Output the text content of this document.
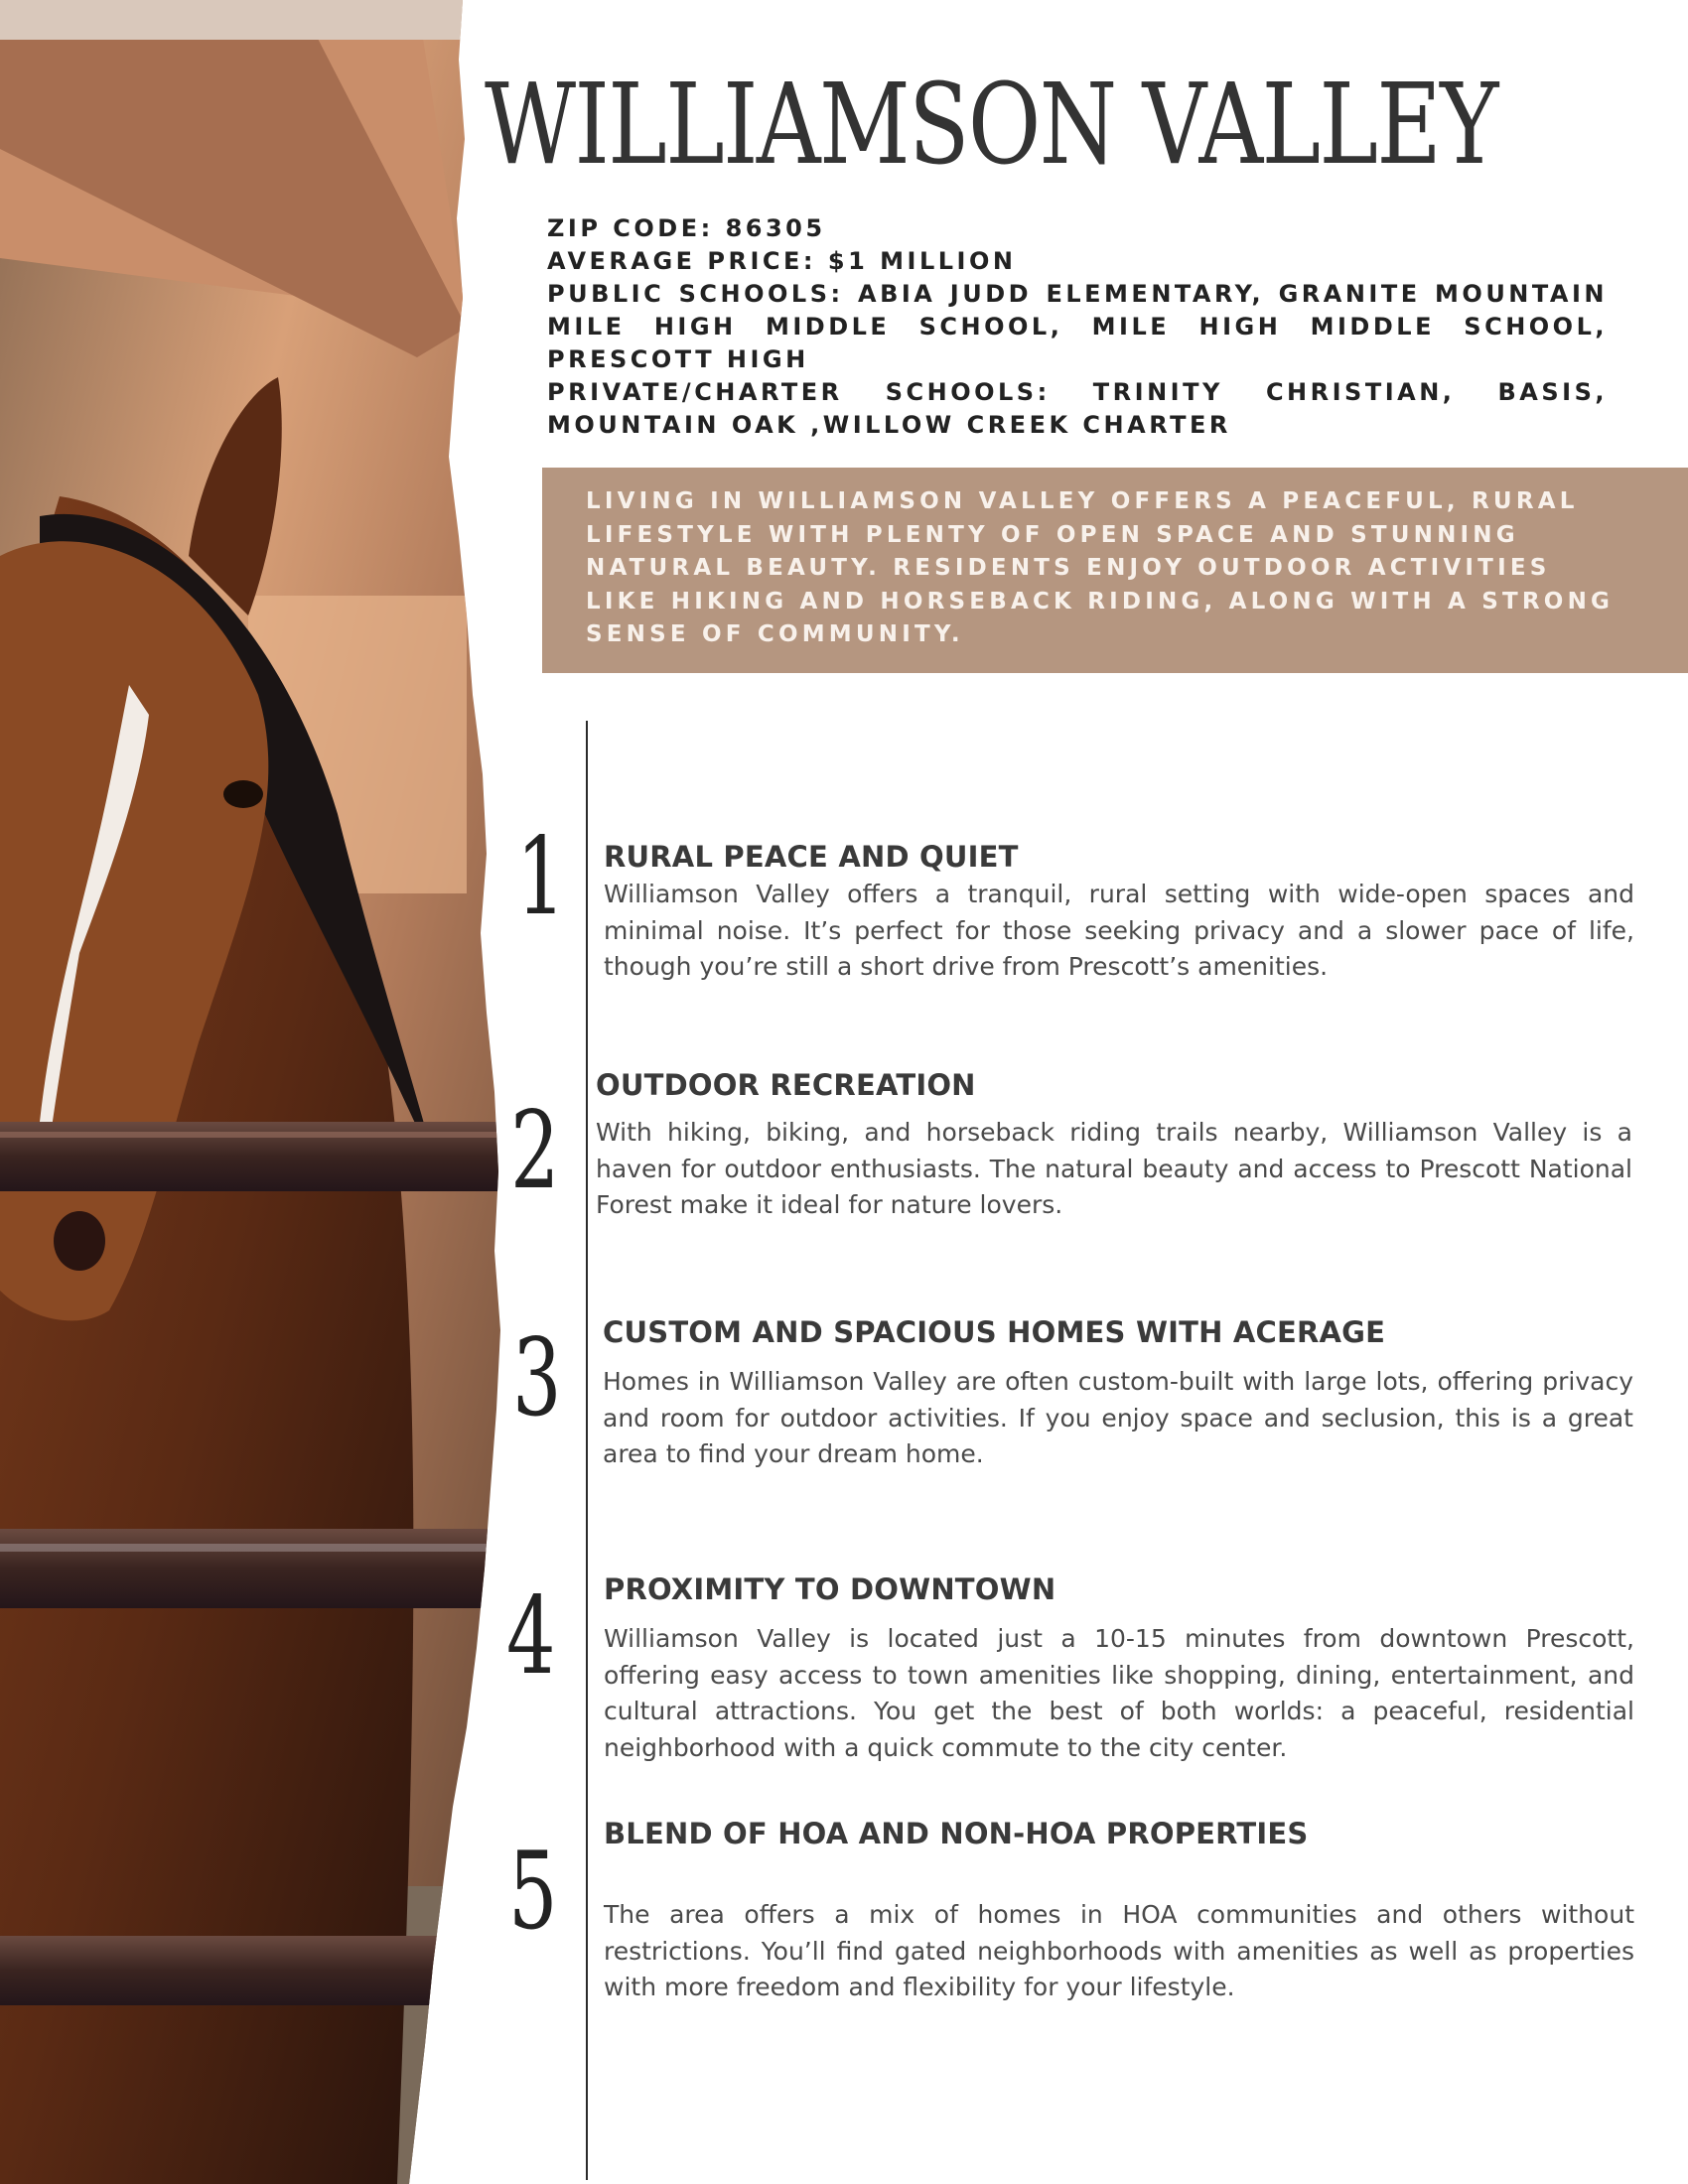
WILLIAMSON VALLEY
ZIP CODE: 86305
AVERAGE PRICE: $1 MILLION
PUBLIC SCHOOLS: ABIA JUDD ELEMENTARY, GRANITE MOUNTAIN
MILE HIGH MIDDLE SCHOOL, MILE HIGH MIDDLE SCHOOL,
PRESCOTT HIGH
PRIVATE/CHARTER SCHOOLS: TRINITY CHRISTIAN, BASIS,
MOUNTAIN OAK ,WILLOW CREEK CHARTER

LIVING IN WILLIAMSON VALLEY OFFERS A PEACEFUL, RURAL LIFESTYLE WITH PLENTY OF OPEN SPACE AND STUNNING NATURAL BEAUTY. RESIDENTS ENJOY OUTDOOR ACTIVITIES LIKE HIKING AND HORSEBACK RIDING, ALONG WITH A STRONG SENSE OF COMMUNITY.

1 RURAL PEACE AND QUIET

Williamson Valley offers a tranquil, rural setting with wide-open spaces and minimal noise. It’s perfect for those seeking privacy and a slower pace of life, though you’re still a short drive from Prescott’s amenities.

2
OUTDOOR RECREATION

With hiking, biking, and horseback riding trails nearby, Williamson Valley is a haven for outdoor enthusiasts. The natural beauty and access to Prescott National Forest make it ideal for nature lovers.

3 CUSTOM AND SPACIOUS HOMES WITH ACERAGE

Homes in Williamson Valley are often custom-built with large lots, offering privacy and room for outdoor activities. If you enjoy space and seclusion, this is a great area to find your dream home.

4 PROXIMITY TO DOWNTOWN

Williamson Valley is located just a 10-15 minutes from downtown Prescott, offering easy access to town amenities like shopping, dining, entertainment, and cultural attractions. You get the best of both worlds: a peaceful, residential neighborhood with a quick commute to the city center.

5 BLEND OF HOA AND NON-HOA PROPERTIES

The area offers a mix of homes in HOA communities and others without restrictions. You’ll find gated neighborhoods with amenities as well as properties with more freedom and flexibility for your lifestyle.
